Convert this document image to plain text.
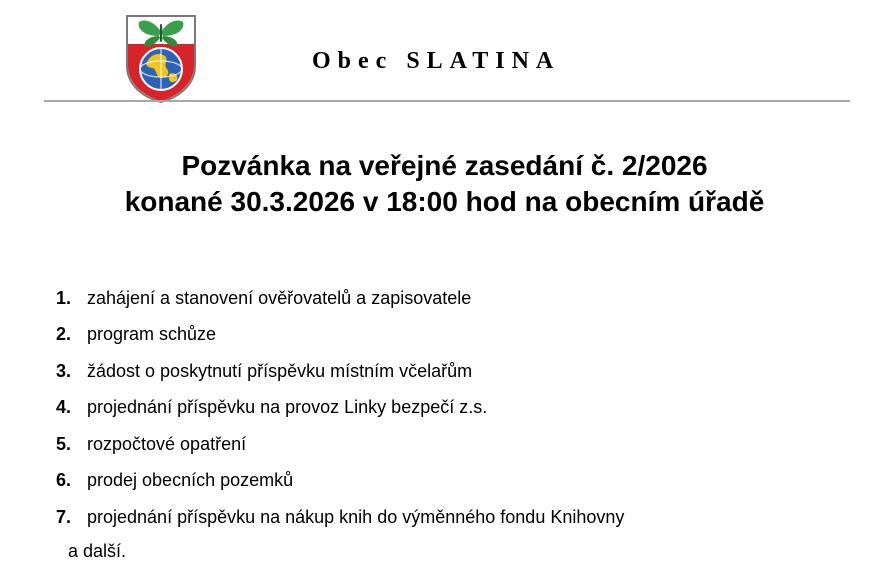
Obec SLATINA
Pozvánka na veřejné zasedání č. 2/2026
konané 30.3.2026 v 18:00 hod na obecním úřadě
1. zahájení a stanovení ověřovatelů a zapisovatele
2. program schůze
3. žádost o poskytnutí příspěvku místním včelařům
4. projednání příspěvku na provoz Linky bezpečí z.s.
5. rozpočtové opatření
6. prodej obecních pozemků
7. projednání příspěvku na nákup knih do výměnného fondu Knihovny
a další.
